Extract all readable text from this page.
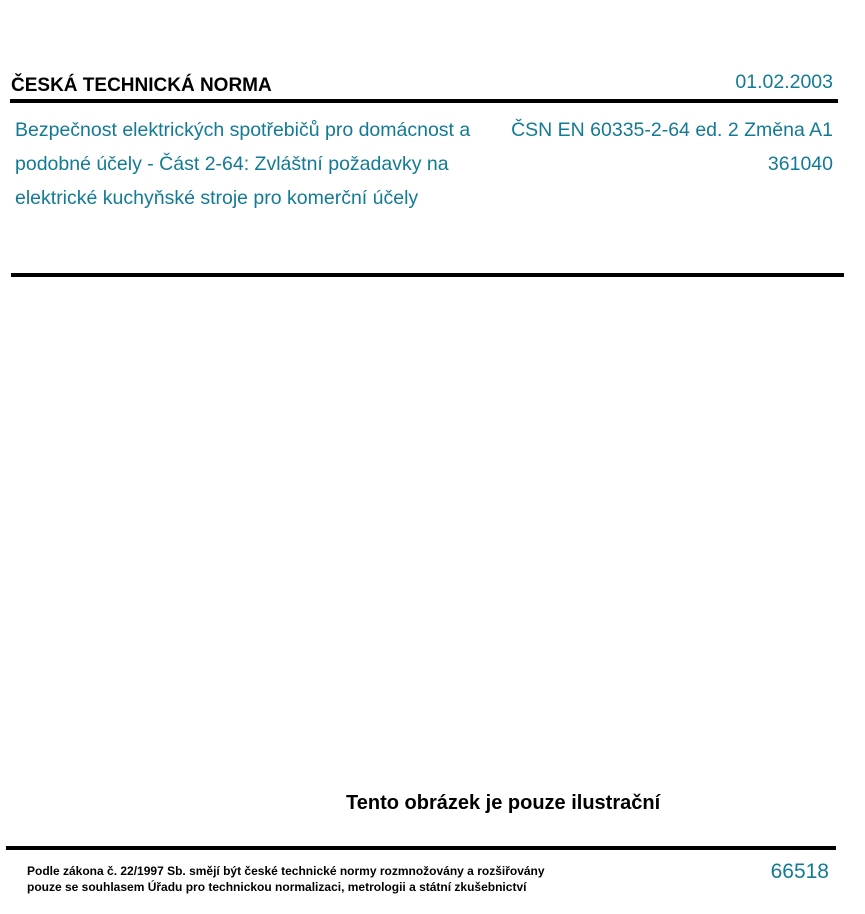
ČESKÁ TECHNICKÁ NORMA	01.02.2003
Bezpečnost elektrických spotřebičů pro domácnost a
podobné účely - Část 2-64: Zvláštní požadavky na
elektrické kuchyňské stroje pro komerční účely
ČSN EN 60335-2-64 ed. 2 Změna A1
361040
Tento obrázek je pouze ilustrační
Podle zákona č. 22/1997 Sb. smějí být české technické normy rozmnožovány a rozšiřovány
pouze se souhlasem Úřadu pro technickou normalizaci, metrologii a státní zkušebnictví
66518
